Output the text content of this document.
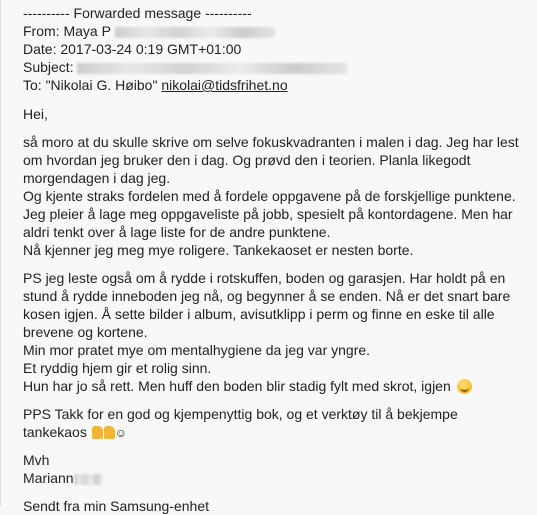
---------- Forwarded message ----------
From: Maya P
Date: 2017-03-24 0:19 GMT+01:00
Subject:
To: "Nikolai G. Høibo" nikolai@tidsfrihet.no
Hei,
så moro at du skulle skrive om selve fokuskvadranten i malen i dag. Jeg har lest
om hvordan jeg bruker den i dag. Og prøvd den i teorien. Planla likegodt
morgendagen i dag jeg.
Og kjente straks fordelen med å fordele oppgavene på de forskjellige punktene.
Jeg pleier å lage meg oppgaveliste på jobb, spesielt på kontordagene. Men har
aldri tenkt over å lage liste for de andre punktene.
Nå kjenner jeg meg mye roligere. Tankekaoset er nesten borte.
PS jeg leste også om å rydde i rotskuffen, boden og garasjen. Har holdt på en
stund å rydde inneboden jeg nå, og begynner å se enden. Nå er det snart bare
kosen igjen. Å sette bilder i album, avisutklipp i perm og finne en eske til alle
brevene og kortene.
Min mor pratet mye om mentalhygiene da jeg var yngre.
Et ryddig hjem gir et rolig sinn.
Hun har jo så rett. Men huff den boden blir stadig fylt med skrot, igjen
PPS Takk for en god og kjempenyttig bok, og et verktøy til å bekjempe
tankekaos ☺
Mvh
Mariann
Sendt fra min Samsung-enhet
